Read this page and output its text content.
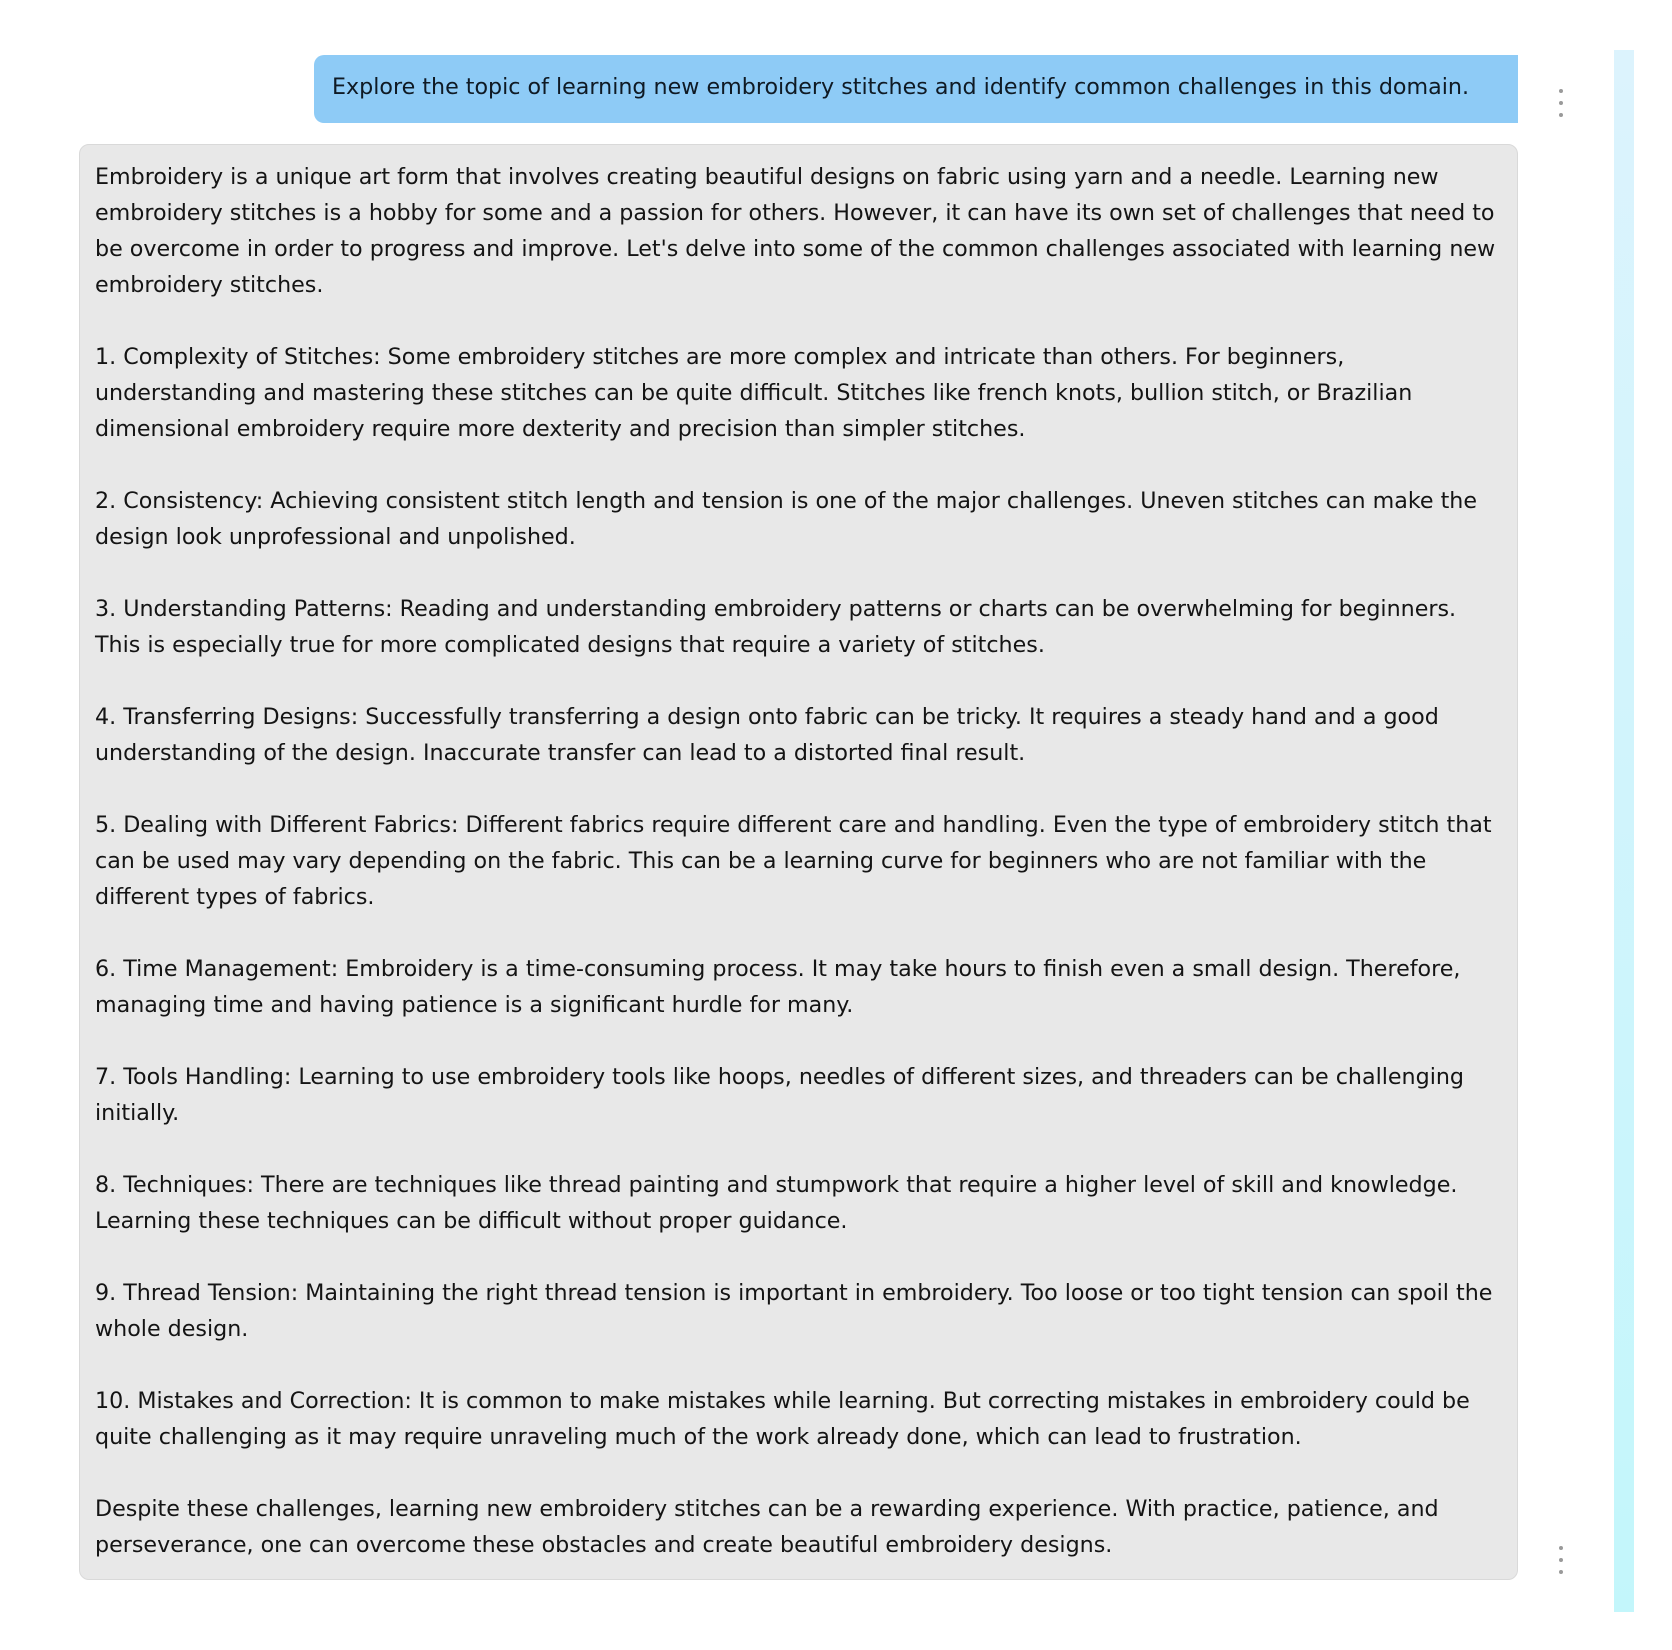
Explore the topic of learning new embroidery stitches and identify common challenges in this domain.

Embroidery is a unique art form that involves creating beautiful designs on fabric using yarn and a needle. Learning new embroidery stitches is a hobby for some and a passion for others. However, it can have its own set of challenges that need to be overcome in order to progress and improve. Let's delve into some of the common challenges associated with learning new embroidery stitches.

1. Complexity of Stitches: Some embroidery stitches are more complex and intricate than others. For beginners, understanding and mastering these stitches can be quite difficult. Stitches like french knots, bullion stitch, or Brazilian dimensional embroidery require more dexterity and precision than simpler stitches.

2. Consistency: Achieving consistent stitch length and tension is one of the major challenges. Uneven stitches can make the design look unprofessional and unpolished.

3. Understanding Patterns: Reading and understanding embroidery patterns or charts can be overwhelming for beginners. This is especially true for more complicated designs that require a variety of stitches.

4. Transferring Designs: Successfully transferring a design onto fabric can be tricky. It requires a steady hand and a good understanding of the design. Inaccurate transfer can lead to a distorted final result.

5. Dealing with Different Fabrics: Different fabrics require different care and handling. Even the type of embroidery stitch that can be used may vary depending on the fabric. This can be a learning curve for beginners who are not familiar with the different types of fabrics.

6. Time Management: Embroidery is a time-consuming process. It may take hours to finish even a small design. Therefore, managing time and having patience is a significant hurdle for many.

7. Tools Handling: Learning to use embroidery tools like hoops, needles of different sizes, and threaders can be challenging initially.

8. Techniques: There are techniques like thread painting and stumpwork that require a higher level of skill and knowledge. Learning these techniques can be difficult without proper guidance.

9. Thread Tension: Maintaining the right thread tension is important in embroidery. Too loose or too tight tension can spoil the whole design.

10. Mistakes and Correction: It is common to make mistakes while learning. But correcting mistakes in embroidery could be quite challenging as it may require unraveling much of the work already done, which can lead to frustration.

Despite these challenges, learning new embroidery stitches can be a rewarding experience. With practice, patience, and perseverance, one can overcome these obstacles and create beautiful embroidery designs.
